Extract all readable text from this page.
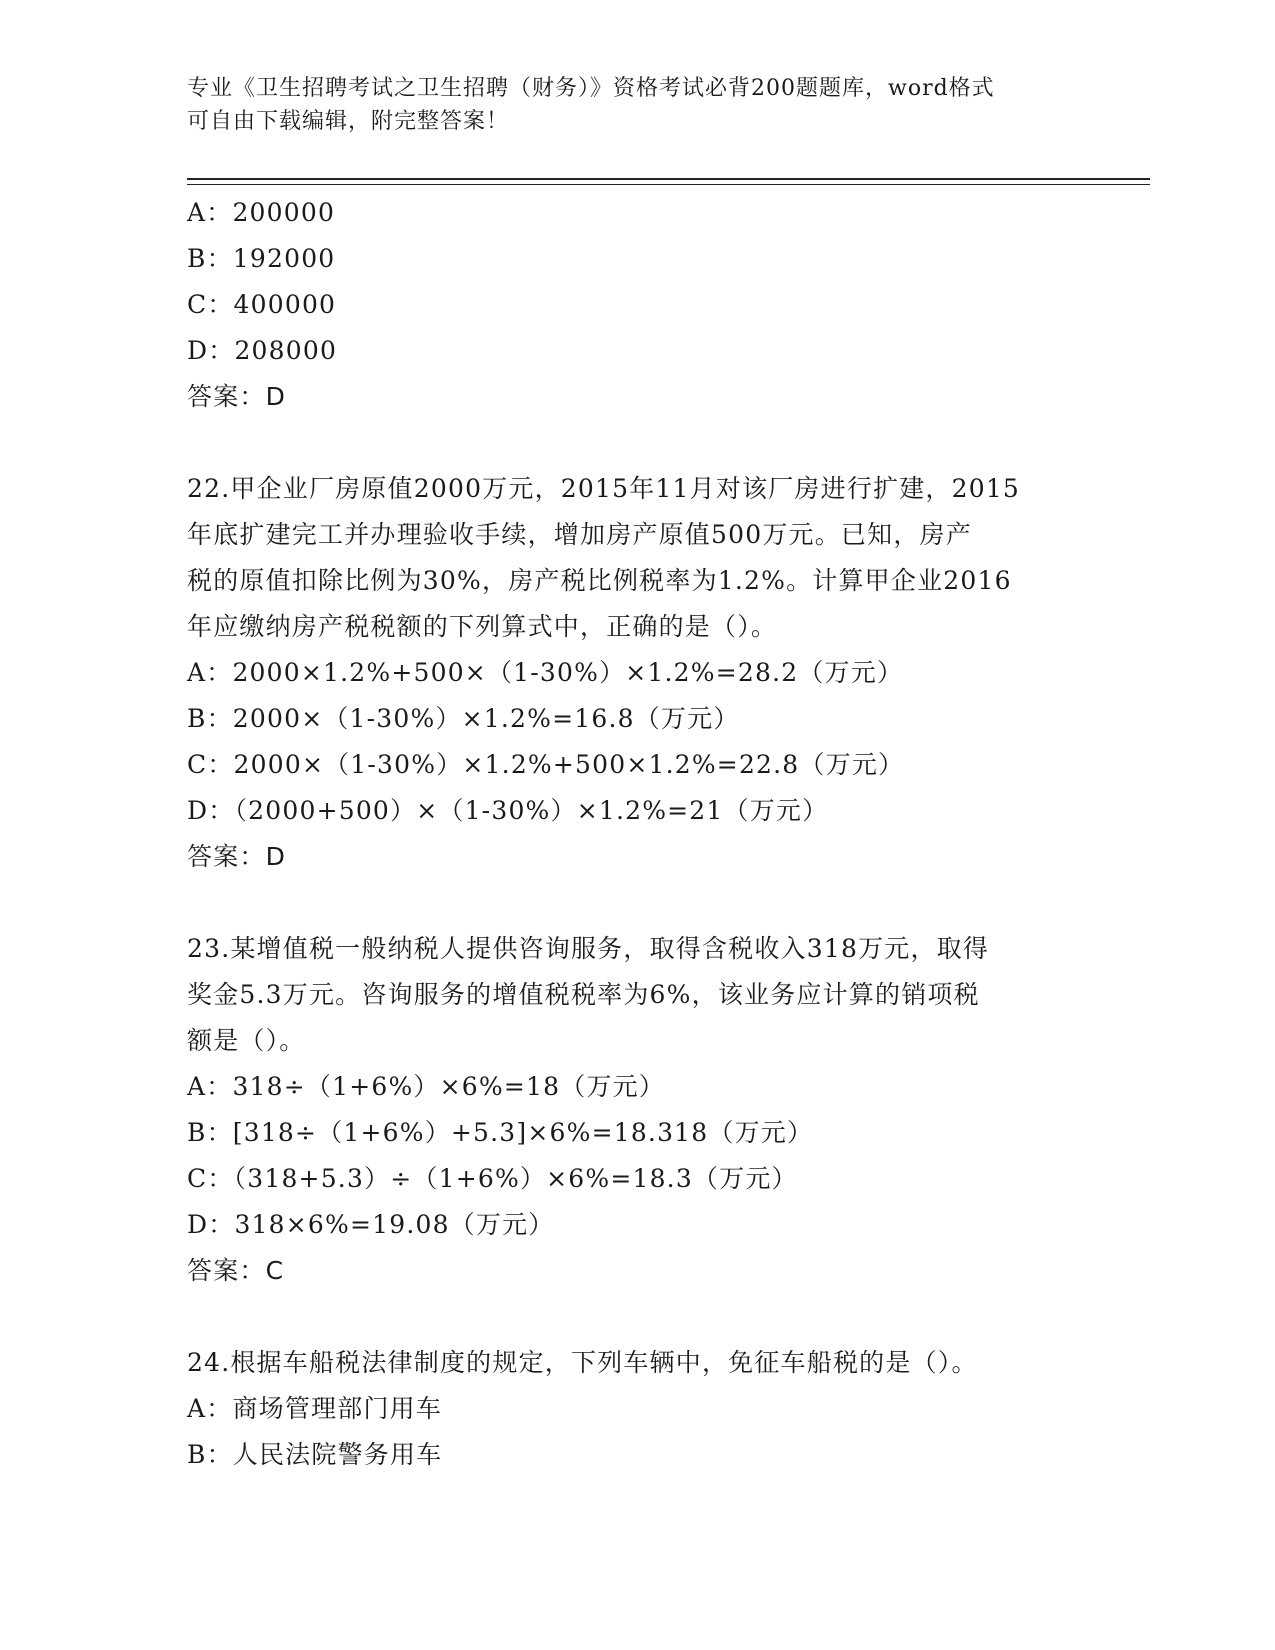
专业《卫生招聘考试之卫生招聘（财务）》资格考试必背200题题库，word格式
可自由下载编辑，附完整答案！
A：200000
B：192000
C：400000
D：208000
答案：D
22.甲企业厂房原值2000万元，2015年11月对该厂房进行扩建，2015
年底扩建完工并办理验收手续，增加房产原值500万元。已知，房产
税的原值扣除比例为30%，房产税比例税率为1.2%。计算甲企业2016
年应缴纳房产税税额的下列算式中，正确的是（）。
A：2000×1.2%+500×（1-30%）×1.2%=28.2（万元）
B：2000×（1-30%）×1.2%=16.8（万元）
C：2000×（1-30%）×1.2%+500×1.2%=22.8（万元）
D：（2000+500）×（1-30%）×1.2%=21（万元）
答案：D
23.某增值税一般纳税人提供咨询服务，取得含税收入318万元，取得
奖金5.3万元。咨询服务的增值税税率为6%，该业务应计算的销项税
额是（）。
A：318÷（1+6%）×6%=18（万元）
B：[318÷（1+6%）+5.3]×6%=18.318（万元）
C：（318+5.3）÷（1+6%）×6%=18.3（万元）
D：318×6%=19.08（万元）
答案：C
24.根据车船税法律制度的规定，下列车辆中，免征车船税的是（）。
A：商场管理部门用车
B：人民法院警务用车
